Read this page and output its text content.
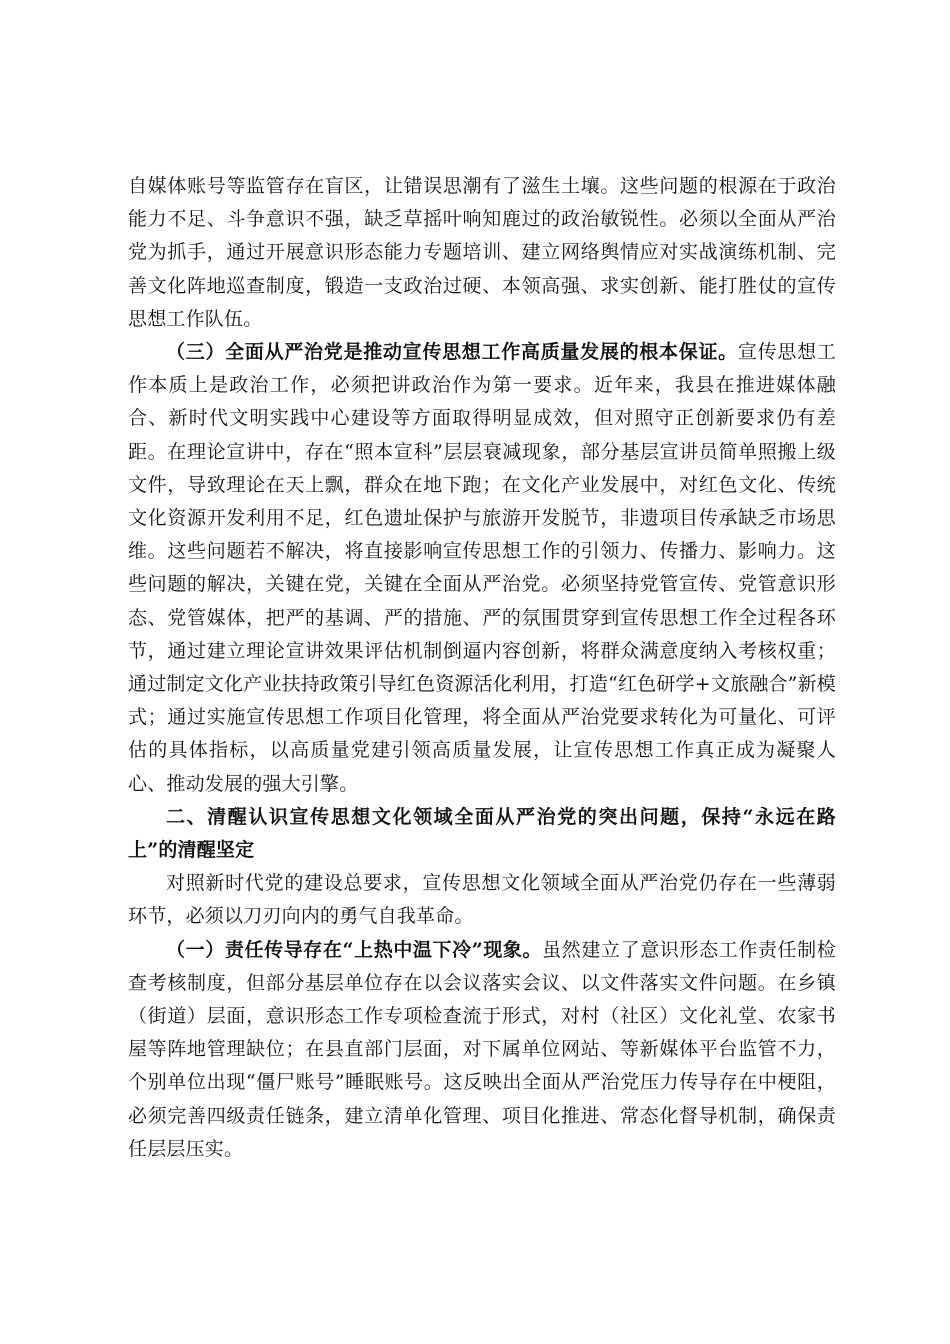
自媒体账号等监管存在盲区，让错误思潮有了滋生土壤。这些问题的根源在于政治能力不足、斗争意识不强，缺乏草摇叶响知鹿过的政治敏锐性。必须以全面从严治党为抓手，通过开展意识形态能力专题培训、建立网络舆情应对实战演练机制、完善文化阵地巡查制度，锻造一支政治过硬、本领高强、求实创新、能打胜仗的宣传思想工作队伍。

（三）全面从严治党是推动宣传思想工作高质量发展的根本保证。宣传思想工作本质上是政治工作，必须把讲政治作为第一要求。近年来，我县在推进媒体融合、新时代文明实践中心建设等方面取得明显成效，但对照守正创新要求仍有差距。在理论宣讲中，存在“照本宣科”层层衰减现象，部分基层宣讲员简单照搬上级文件，导致理论在天上飘，群众在地下跑；在文化产业发展中，对红色文化、传统文化资源开发利用不足，红色遗址保护与旅游开发脱节，非遗项目传承缺乏市场思维。这些问题若不解决，将直接影响宣传思想工作的引领力、传播力、影响力。这些问题的解决，关键在党，关键在全面从严治党。必须坚持党管宣传、党管意识形态、党管媒体，把严的基调、严的措施、严的氛围贯穿到宣传思想工作全过程各环节，通过建立理论宣讲效果评估机制倒逼内容创新，将群众满意度纳入考核权重；通过制定文化产业扶持政策引导红色资源活化利用，打造“红色研学+文旅融合”新模式；通过实施宣传思想工作项目化管理，将全面从严治党要求转化为可量化、可评估的具体指标，以高质量党建引领高质量发展，让宣传思想工作真正成为凝聚人心、推动发展的强大引擎。

二、清醒认识宣传思想文化领域全面从严治党的突出问题，保持“永远在路上”的清醒坚定

对照新时代党的建设总要求，宣传思想文化领域全面从严治党仍存在一些薄弱环节，必须以刀刃向内的勇气自我革命。

（一）责任传导存在“上热中温下冷”现象。虽然建立了意识形态工作责任制检查考核制度，但部分基层单位存在以会议落实会议、以文件落实文件问题。在乡镇（街道）层面，意识形态工作专项检查流于形式，对村（社区）文化礼堂、农家书屋等阵地管理缺位；在县直部门层面，对下属单位网站、等新媒体平台监管不力，个别单位出现“僵尸账号”睡眠账号。这反映出全面从严治党压力传导存在中梗阻，必须完善四级责任链条，建立清单化管理、项目化推进、常态化督导机制，确保责任层层压实。
